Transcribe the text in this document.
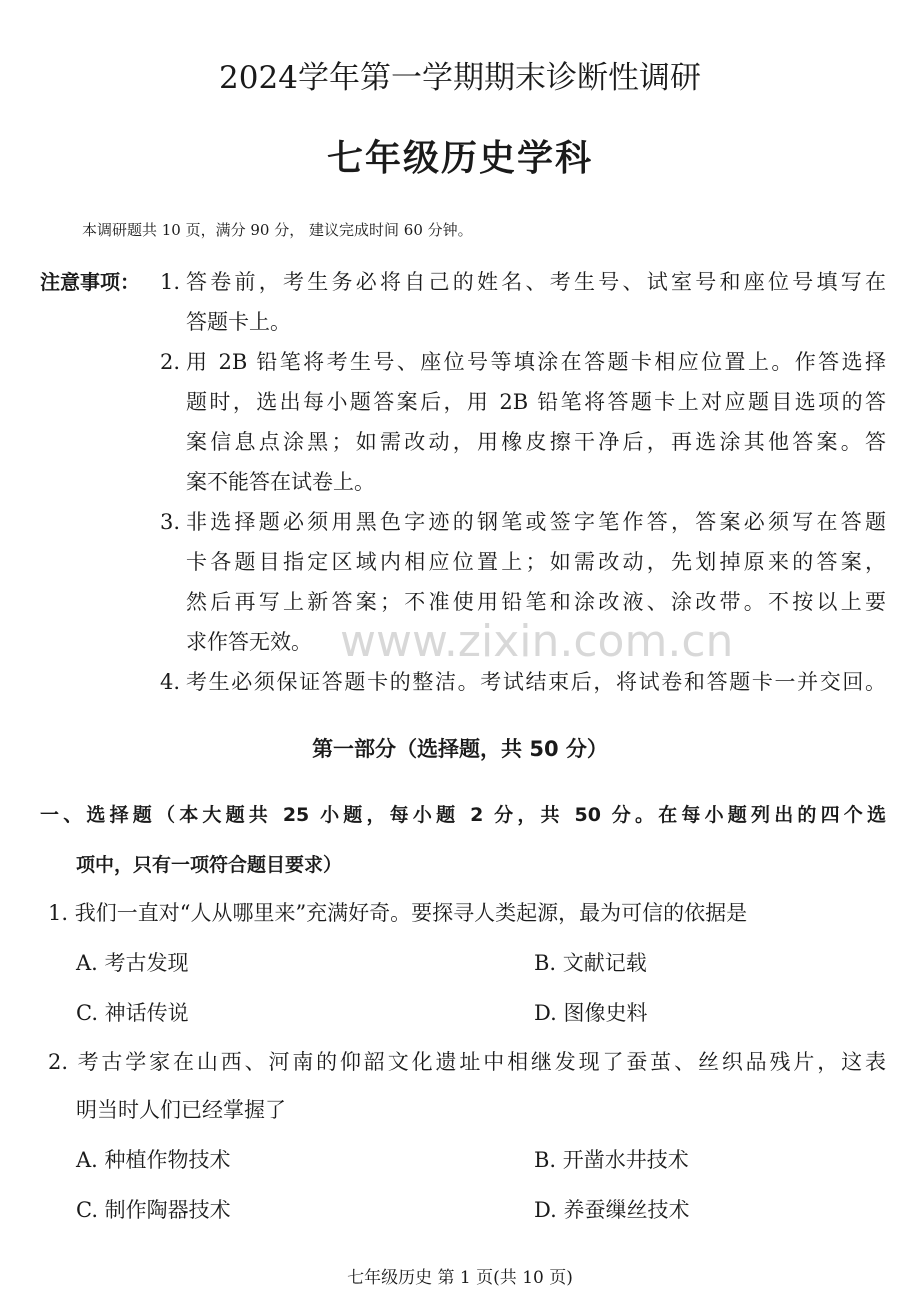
2024学年第一学期期末诊断性调研
七年级历史学科
本调研题共 10 页，满分 90 分， 建议完成时间 60 分钟。
www.zixin.com.cn
注意事项： 1. 答卷前，考生务必将自己的姓名、考生号、试室号和座位号填写在
答题卡上。
2. 用 2B 铅笔将考生号、座位号等填涂在答题卡相应位置上。作答选择
题时，选出每小题答案后，用 2B 铅笔将答题卡上对应题目选项的答
案信息点涂黑；如需改动，用橡皮擦干净后，再选涂其他答案。答
案不能答在试卷上。
3. 非选择题必须用黑色字迹的钢笔或签字笔作答，答案必须写在答题
卡各题目指定区域内相应位置上；如需改动，先划掉原来的答案，
然后再写上新答案；不准使用铅笔和涂改液、涂改带。不按以上要
求作答无效。
4. 考生必须保证答题卡的整洁。考试结束后，将试卷和答题卡一并交回。
第一部分（选择题，共 50 分）
一、选择题（本大题共 25 小题，每小题 2 分，共 50 分。在每小题列出的四个选
项中，只有一项符合题目要求）
1. 我们一直对“人从哪里来”充满好奇。要探寻人类起源，最为可信的依据是
A. 考古发现	B. 文献记载
C. 神话传说	D. 图像史料
2. 考古学家在山西、河南的仰韶文化遗址中相继发现了蚕茧、丝织品残片，这表
明当时人们已经掌握了
A. 种植作物技术	B. 开凿水井技术
C. 制作陶器技术	D. 养蚕缫丝技术
七年级历史 第 1 页(共 10 页)
